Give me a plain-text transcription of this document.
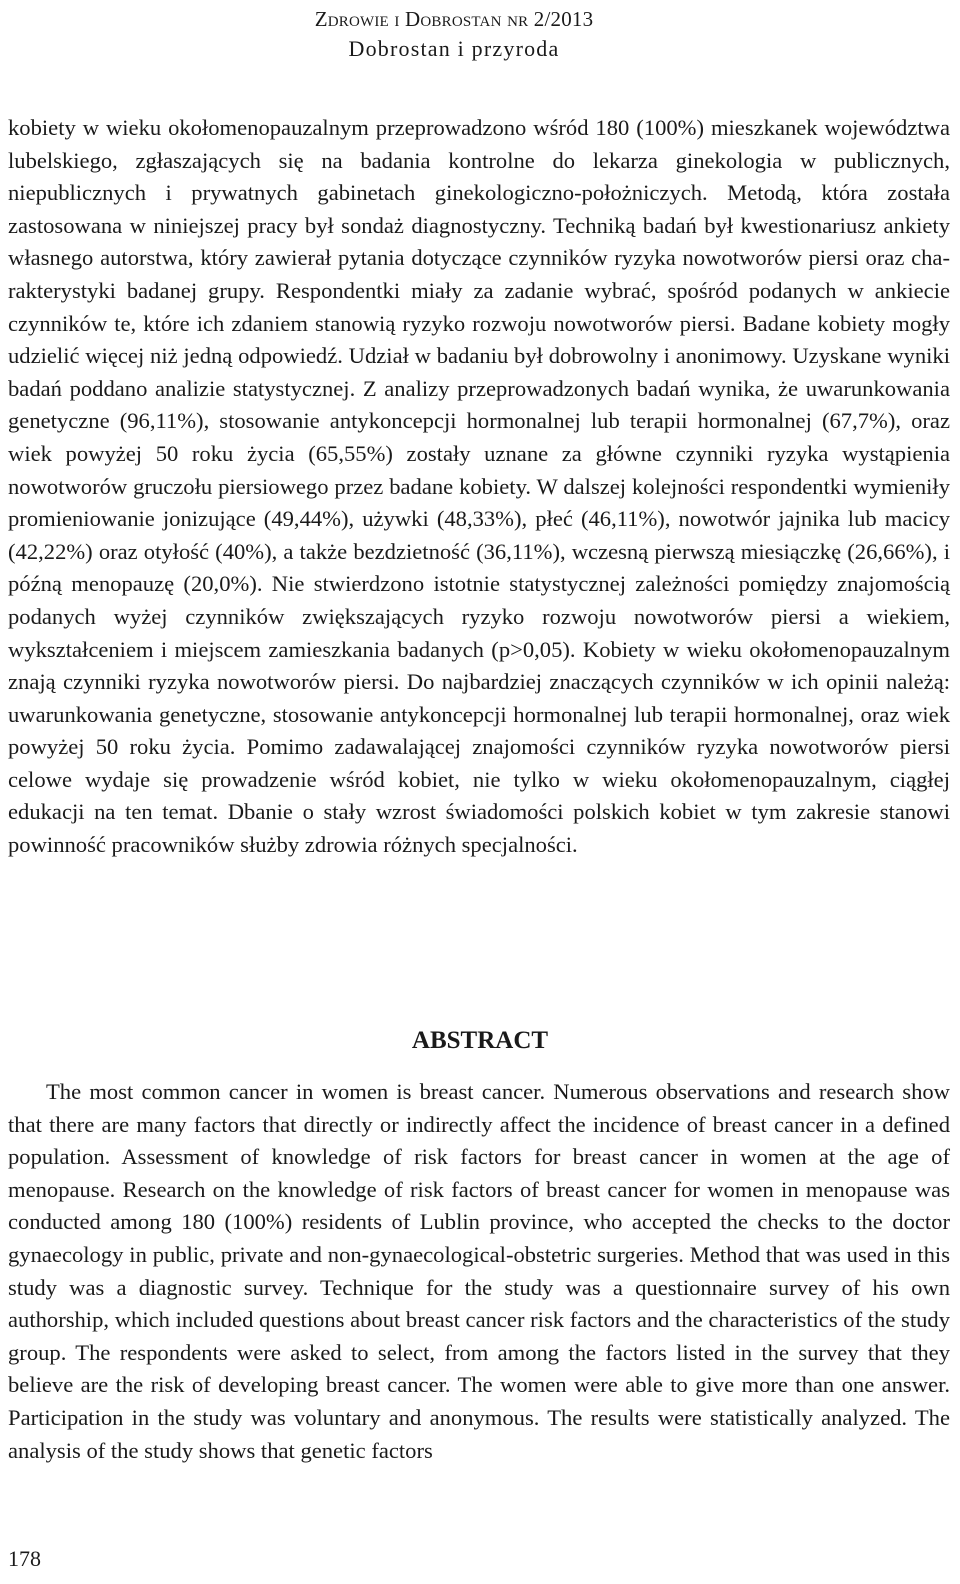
Zdrowie i Dobrostan nr 2/2013
Dobrostan i przyroda

kobiety w wieku okołomenopauzalnym przeprowadzono wśród 180 (100%) mieszkanek województwa lubelskiego, zgłaszających się na badania kontrolne do lekarza ginekologia w publicznych, niepublicznych i prywatnych gabinetach ginekologiczno-położniczych. Metodą, która została zastosowana w niniejszej pracy był sondaż diagnostyczny. Techniką badań był kwestionariusz ankiety własnego autorstwa, który zawierał pytania dotyczące czynników ryzyka nowotworów piersi oraz charakterystyki badanej grupy. Respondentki miały za zadanie wybrać, spośród podanych w ankiecie czynników te, które ich zdaniem stanowią ryzyko rozwoju nowotworów piersi. Badane kobiety mogły udzielić więcej niż jedną odpowiedź. Udział w badaniu był dobrowolny i anonimowy. Uzyskane wyniki badań poddano analizie statystycznej. Z analizy przeprowadzonych badań wynika, że uwarunkowania genetyczne (96,11%), stosowanie antykoncepcji hormonalnej lub terapii hormonalnej (67,7%), oraz wiek powyżej 50 roku życia (65,55%) zostały uznane za główne czynniki ryzyka wystąpienia nowotworów gruczołu piersiowego przez badane kobiety. W dalszej kolejności respondentki wymieniły promieniowanie jonizujące (49,44%), używki (48,33%), płeć (46,11%), nowotwór jajnika lub macicy (42,22%) oraz otyłość (40%), a także bezdzietność (36,11%), wczesną pierwszą miesiączkę (26,66%), i późną menopauzę (20,0%). Nie stwierdzono istotnie statystycznej zależności pomiędzy znajomością podanych wyżej czynników zwiększających ryzyko rozwoju nowotworów piersi a wiekiem, wykształceniem i miejscem zamieszkania badanych (p>0,05). Kobiety w wieku okołomenopauzalnym znają czynniki ryzyka nowotworów piersi. Do najbardziej znaczących czynników w ich opinii należą: uwarunkowania genetyczne, stosowanie antykoncepcji hormonalnej lub terapii hormonalnej, oraz wiek powyżej 50 roku życia. Pomimo zadawalającej znajomości czynników ryzyka nowotworów piersi celowe wydaje się prowadzenie wśród kobiet, nie tylko w wieku okołomenopauzalnym, ciągłej edukacji na ten temat. Dbanie o stały wzrost świadomości polskich kobiet w tym zakresie stanowi powinność pracowników służby zdrowia różnych specjalności.

ABSTRACT

The most common cancer in women is breast cancer. Numerous observations and research show that there are many factors that directly or indirectly affect the incidence of breast cancer in a defined population. Assessment of knowledge of risk factors for breast cancer in women at the age of menopause. Research on the knowledge of risk factors of breast cancer for women in menopause was conducted among 180 (100%) residents of Lublin province, who accepted the checks to the doctor gynaecology in public, private and non-gynaecological-obstetric surgeries. Method that was used in this study was a diagnostic survey. Technique for the study was a questionnaire survey of his own authorship, which included questions about breast cancer risk factors and the characteristics of the study group. The respondents were asked to select, from among the factors listed in the survey that they believe are the risk of developing breast cancer. The women were able to give more than one answer. Participation in the study was voluntary and anonymous. The results were statistically analyzed. The analysis of the study shows that genetic factors

178
